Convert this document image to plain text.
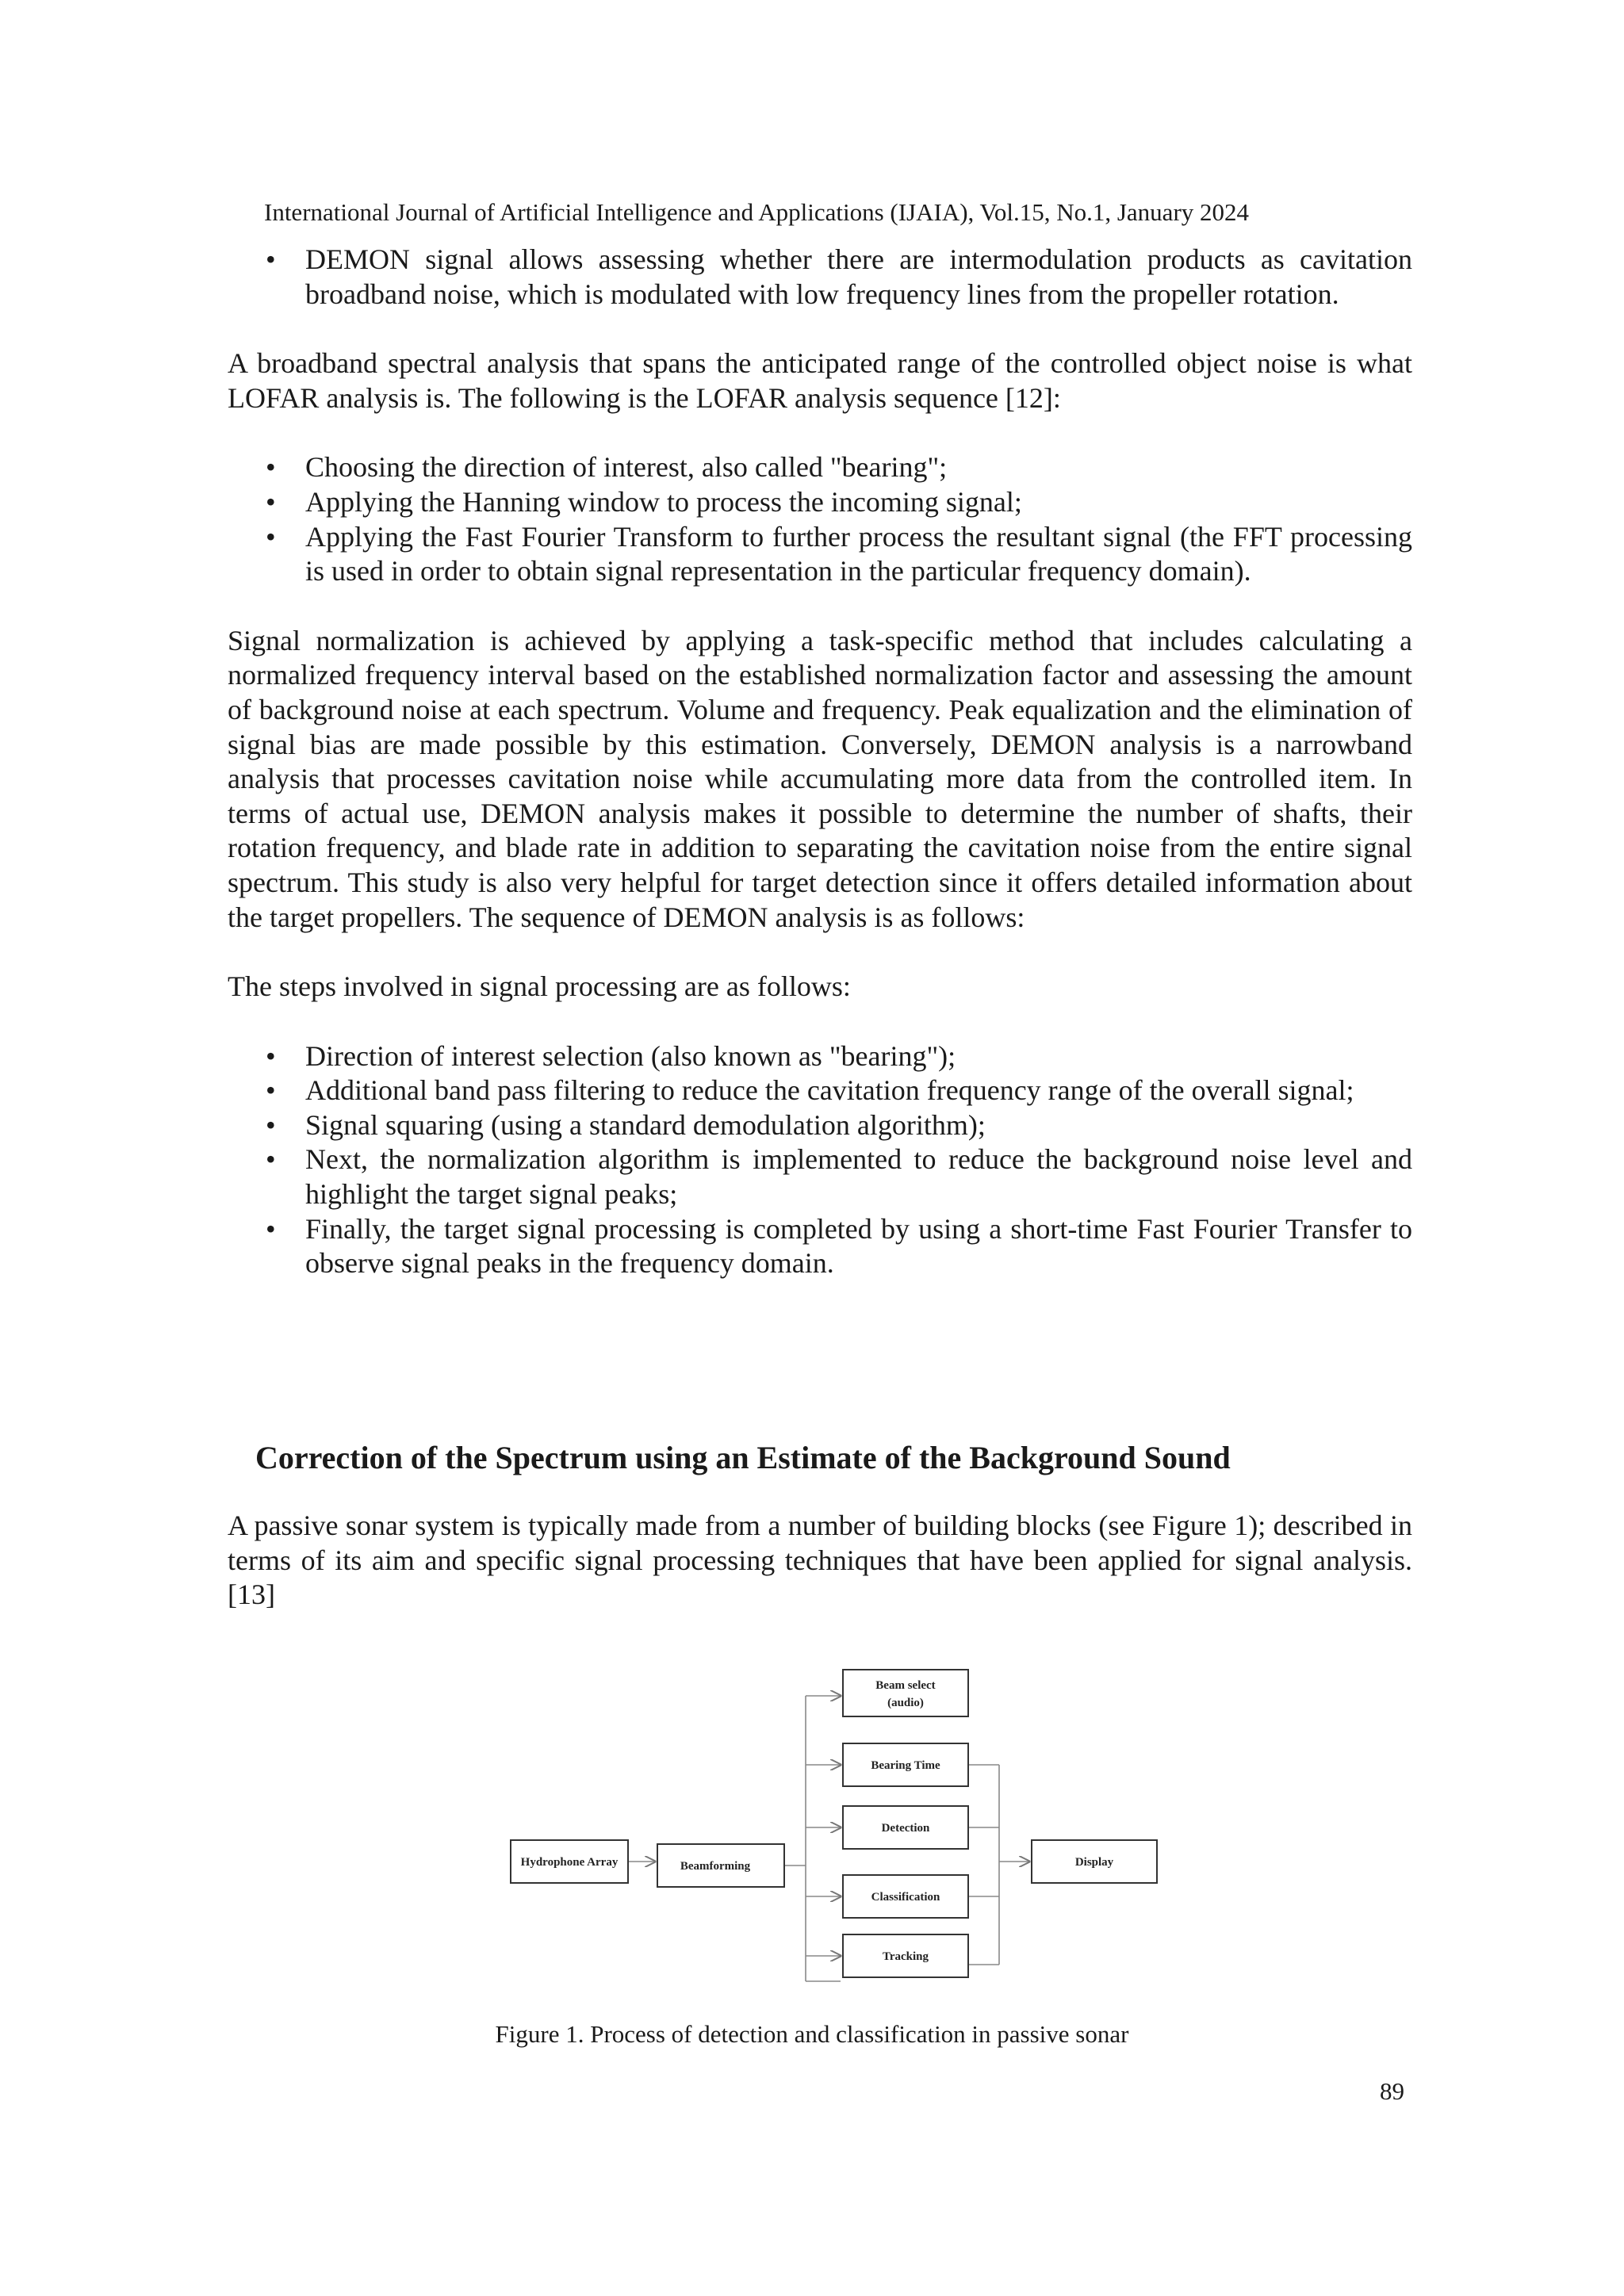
International Journal of Artificial Intelligence and Applications (IJAIA), Vol.15, No.1, January 2024
• DEMON signal allows assessing whether there are intermodulation products as cavitation broadband noise, which is modulated with low frequency lines from the propeller rotation.

A broadband spectral analysis that spans the anticipated range of the controlled object noise is what LOFAR analysis is. The following is the LOFAR analysis sequence [12]:

• Choosing the direction of interest, also called "bearing";
• Applying the Hanning window to process the incoming signal;
• Applying the Fast Fourier Transform to further process the resultant signal (the FFT processing is used in order to obtain signal representation in the particular frequency domain).

Signal normalization is achieved by applying a task-specific method that includes calculating a normalized frequency interval based on the established normalization factor and assessing the amount of background noise at each spectrum. Volume and frequency. Peak equalization and the elimination of signal bias are made possible by this estimation. Conversely, DEMON analysis is a narrowband analysis that processes cavitation noise while accumulating more data from the controlled item. In terms of actual use, DEMON analysis makes it possible to determine the number of shafts, their rotation frequency, and blade rate in addition to separating the cavitation noise from the entire signal spectrum. This study is also very helpful for target detection since it offers detailed information about the target propellers. The sequence of DEMON analysis is as follows:

The steps involved in signal processing are as follows:

• Direction of interest selection (also known as "bearing");
• Additional band pass filtering to reduce the cavitation frequency range of the overall signal;
• Signal squaring (using a standard demodulation algorithm);
• Next, the normalization algorithm is implemented to reduce the background noise level and highlight the target signal peaks;
• Finally, the target signal processing is completed by using a short-time Fast Fourier Transfer to observe signal peaks in the frequency domain.
Correction of the Spectrum using an Estimate of the Background Sound

A passive sonar system is typically made from a number of building blocks (see Figure 1); described in terms of its aim and specific signal processing techniques that have been applied for signal analysis. [13]

Hydrophone Array	Beamforming
Beam select
(audio)
Bearing Time
Detection
Classification
Tracking
Display
Figure 1. Process of detection and classification in passive sonar
89
